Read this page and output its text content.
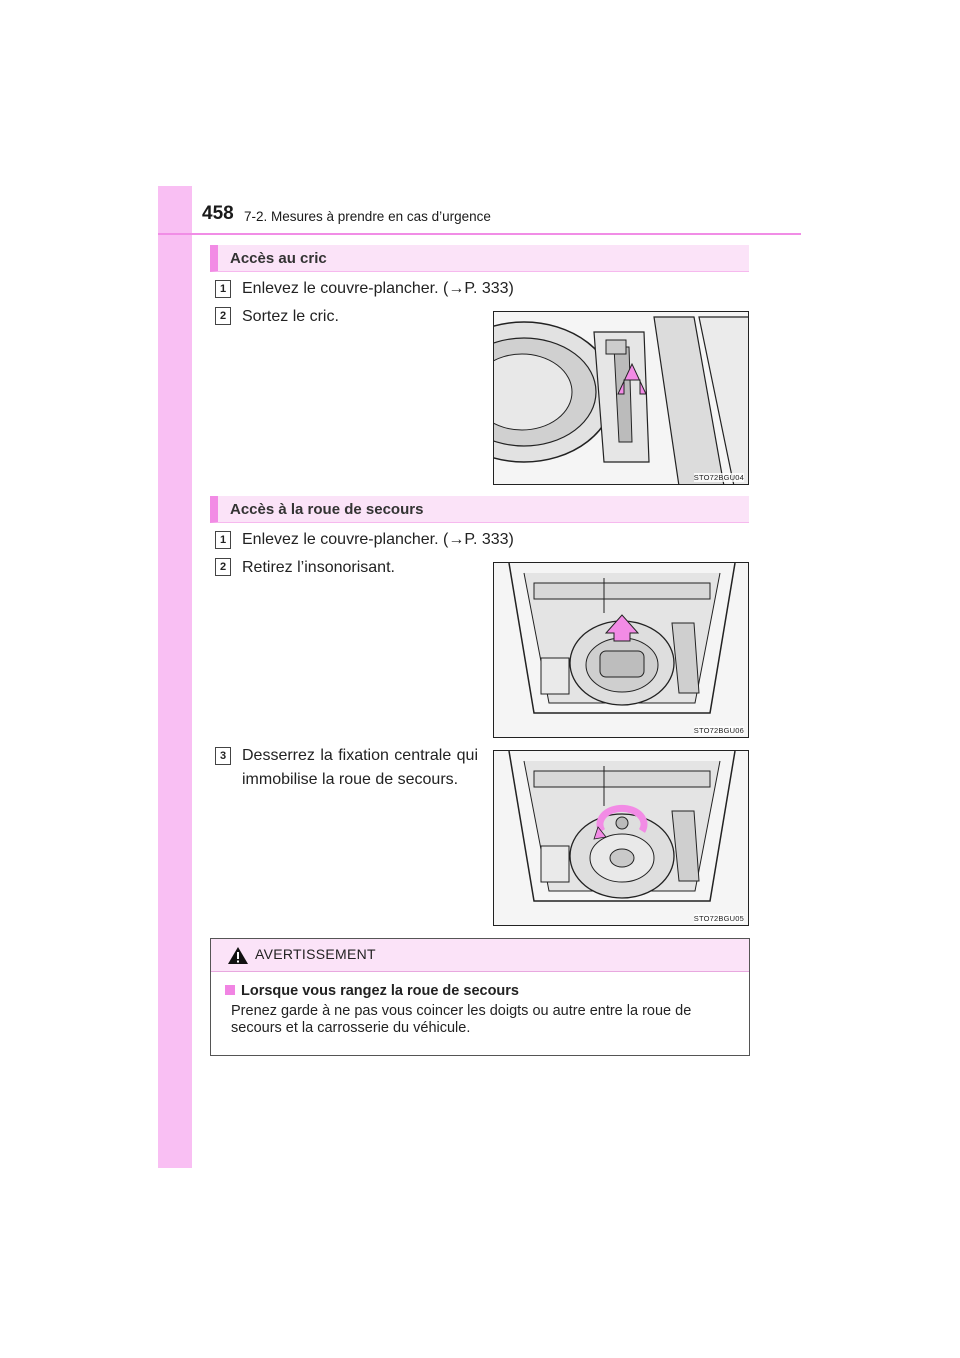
458 7-2. Mesures à prendre en cas d’urgence
Accès au cric
1 Enlevez le couvre-plancher. (→P. 333)
2 Sortez le cric.
STO72BGU04
Accès à la roue de secours
1 Enlevez le couvre-plancher. (→P. 333)
2 Retirez l’insonorisant.
STO72BGU06
3 Desserrez la fixation centrale qui immobilise la roue de secours.
STO72BGU05
AVERTISSEMENT
Lorsque vous rangez la roue de secours
Prenez garde à ne pas vous coincer les doigts ou autre entre la roue de secours et la carrosserie du véhicule.
